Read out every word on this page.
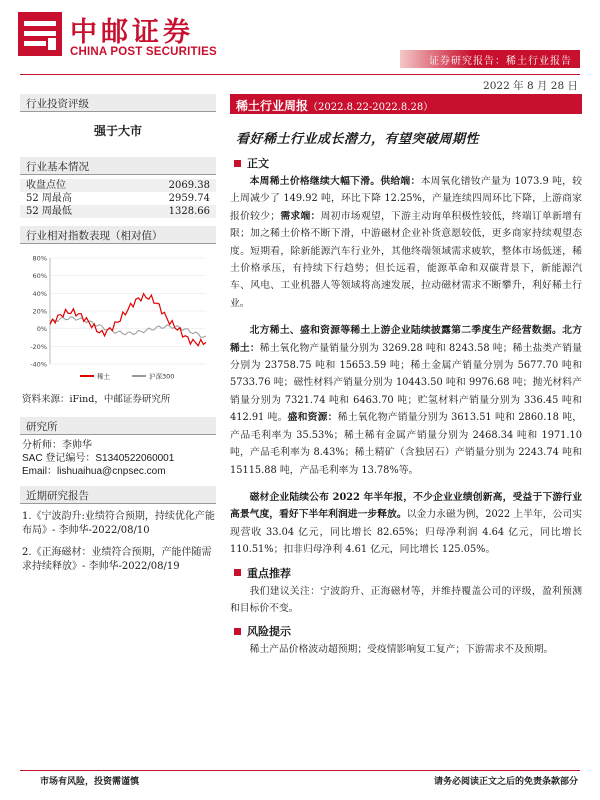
中邮证券
CHINA POST SECURITIES
证券研究报告：稀土行业报告
2022 年 8 月 28 日
行业投资评级
强于大市
行业基本情况
收盘点位	2069.38
52 周最高	2959.74
52 周最低	1328.66
行业相对指数表现（相对值）
80%
60%
40%
20%
0%
-20%
-40%
稀土	沪深300
资料来源：iFind，中邮证券研究所
研究所
分析师：李帅华
SAC 登记编号：S1340522060001
Email：lishuaihua@cnpsec.com
近期研究报告

1.《宁波韵升:业绩符合预期，持续优化产能布局》- 李帅华-2022/08/10

2.《正海磁材：业绩符合预期，产能伴随需求持续释放》- 李帅华-2022/08/19

稀土行业周报（2022.8.22-2022.8.28）
看好稀土行业成长潜力，有望突破周期性
正文

本周稀土价格继续大幅下滑。供给端：本周氧化镨钕产量为 1073.9 吨，较上周减少了 149.92 吨，环比下降 12.25%，产量连续四周环比下降，上游商家报价较少；需求端：周初市场观望，下游主动询单积极性较低，终端订单新增有限；加之稀土价格不断下滑，中游磁材企业补货意愿较低，更多商家持续观望态度。短期看，除新能源汽车行业外，其他终端领域需求疲软，整体市场低迷，稀土价格承压，有持续下行趋势；但长远看，能源革命和双碳背景下，新能源汽车、风电、工业机器人等领域将高速发展，拉动磁材需求不断攀升，利好稀土行业。

北方稀土、盛和资源等稀土上游企业陆续披露第二季度生产经营数据。北方稀土：稀土氧化物产量销量分别为 3269.28 吨和 8243.58 吨；稀土盐类产销量分别为 23758.75 吨和 15653.59 吨；稀土金属产销量分别为 5677.70 吨和 5733.76 吨；磁性材料产销量分别为 10443.50 吨和 9976.68 吨；抛光材料产销量分别为 7321.74 吨和 6463.70 吨；贮氢材料产销量分别为 336.45 吨和 412.91 吨。盛和资源：稀土氧化物产销量分别为 3613.51 吨和 2860.18 吨，产品毛利率为 35.53%；稀土稀有金属产销量分别为 2468.34 吨和 1971.10 吨，产品毛利率为 8.43%；稀土精矿（含独居石）产销量分别为 2243.74 吨和 15115.88 吨，产品毛利率为 13.78%等。

磁材企业陆续公布 2022 年半年报，不少企业业绩创新高，受益于下游行业高景气度，看好下半年利润进一步释放。以金力永磁为例，2022 上半年，公司实现营收 33.04 亿元，同比增长 82.65%；归母净利润 4.64 亿元，同比增长 110.51%；扣非归母净利 4.61 亿元，同比增长 125.05%。

重点推荐

我们建议关注：宁波韵升、正海磁材等，并维持覆盖公司的评级，盈利预测和目标价不变。

风险提示

稀土产品价格波动超预期；受疫情影响复工复产；下游需求不及预期。

市场有风险，投资需谨慎	请务必阅读正文之后的免责条款部分
